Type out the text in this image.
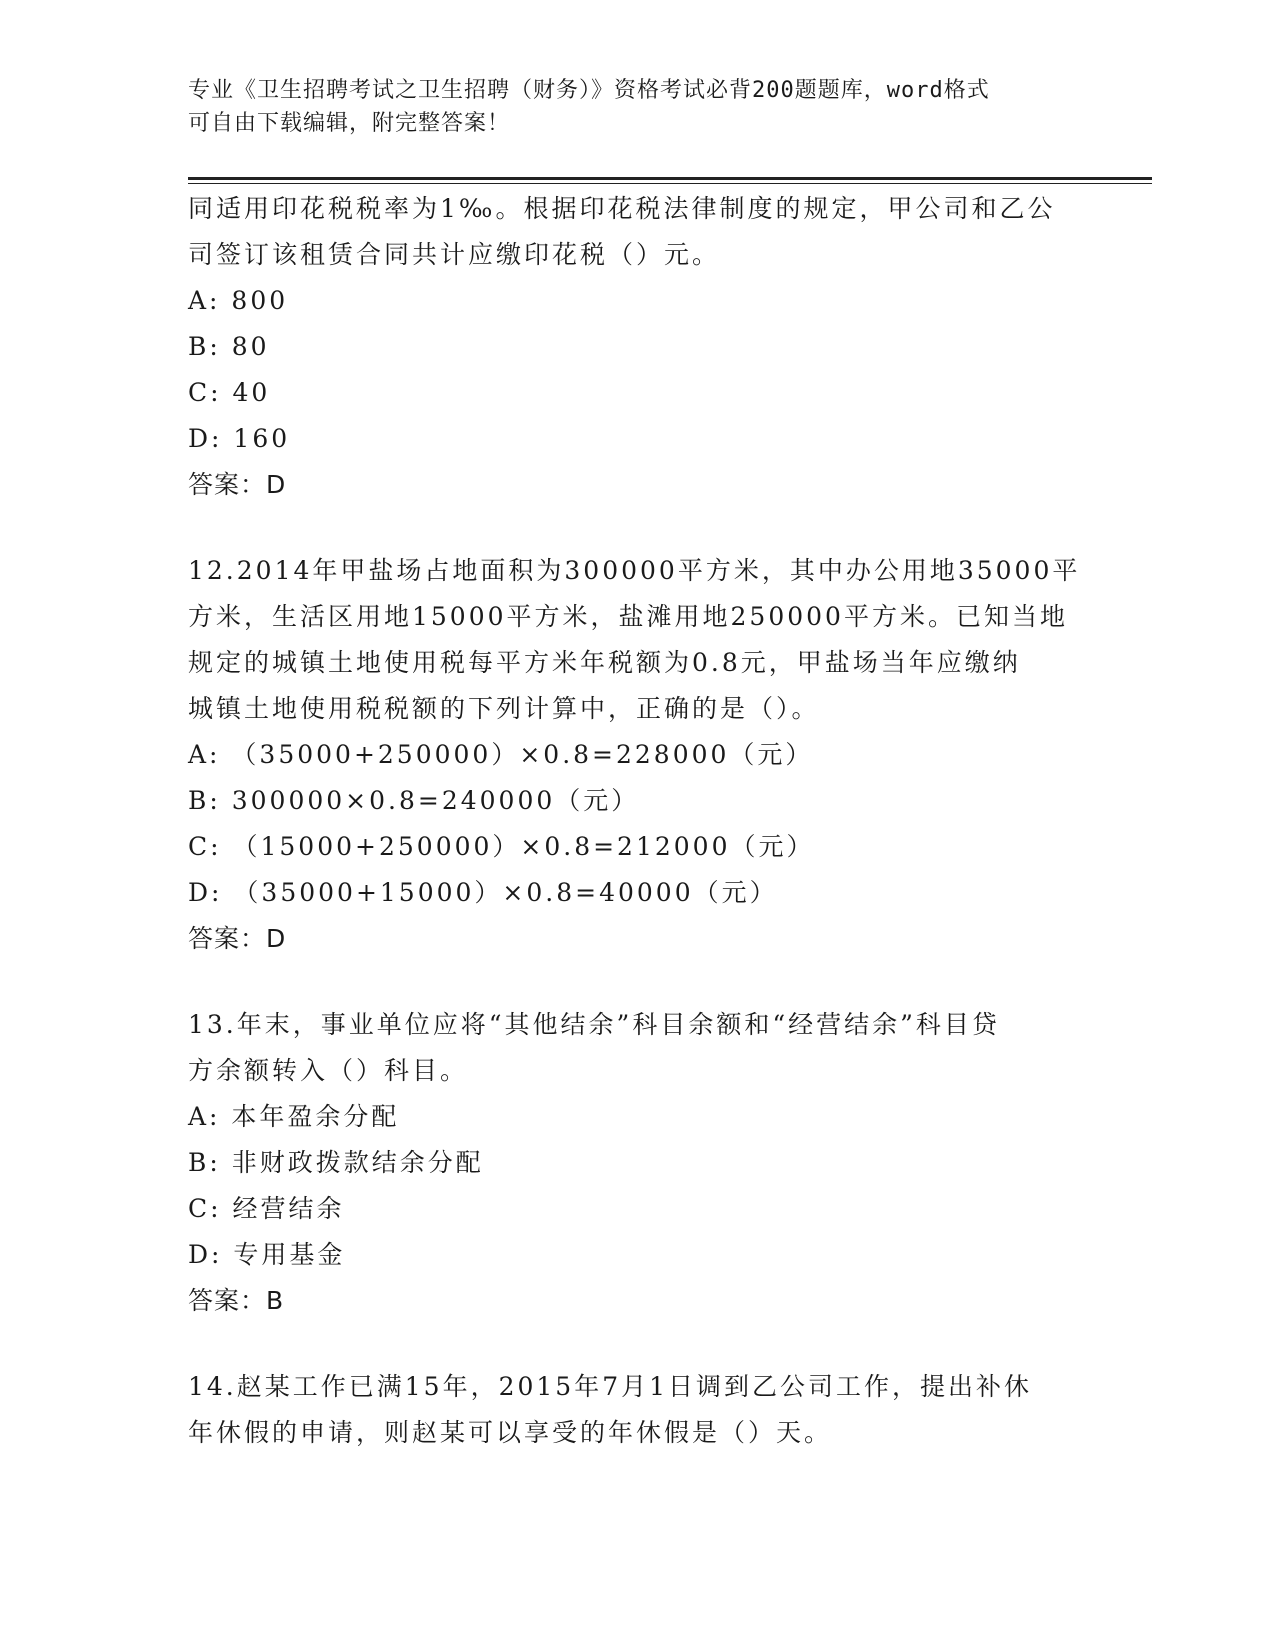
专业《卫生招聘考试之卫生招聘（财务）》资格考试必背200题题库，word格式
可自由下载编辑，附完整答案！
同适用印花税税率为1‰。根据印花税法律制度的规定，甲公司和乙公
司签订该租赁合同共计应缴印花税（）元。
A: 800
B: 80
C: 40
D: 160
答案：D
12.2014年甲盐场占地面积为300000平方米，其中办公用地35000平
方米，生活区用地15000平方米，盐滩用地250000平方米。已知当地
规定的城镇土地使用税每平方米年税额为0.8元，甲盐场当年应缴纳
城镇土地使用税税额的下列计算中，正确的是（）。
A: （35000+250000）×0.8=228000（元）
B: 300000×0.8=240000（元）
C: （15000+250000）×0.8=212000（元）
D: （35000+15000）×0.8=40000（元）
答案：D
13.年末，事业单位应将“其他结余”科目余额和“经营结余”科目贷
方余额转入（）科目。
A: 本年盈余分配
B: 非财政拨款结余分配
C: 经营结余
D: 专用基金
答案：B
14.赵某工作已满15年，2015年7月1日调到乙公司工作，提出补休
年休假的申请，则赵某可以享受的年休假是（）天。
